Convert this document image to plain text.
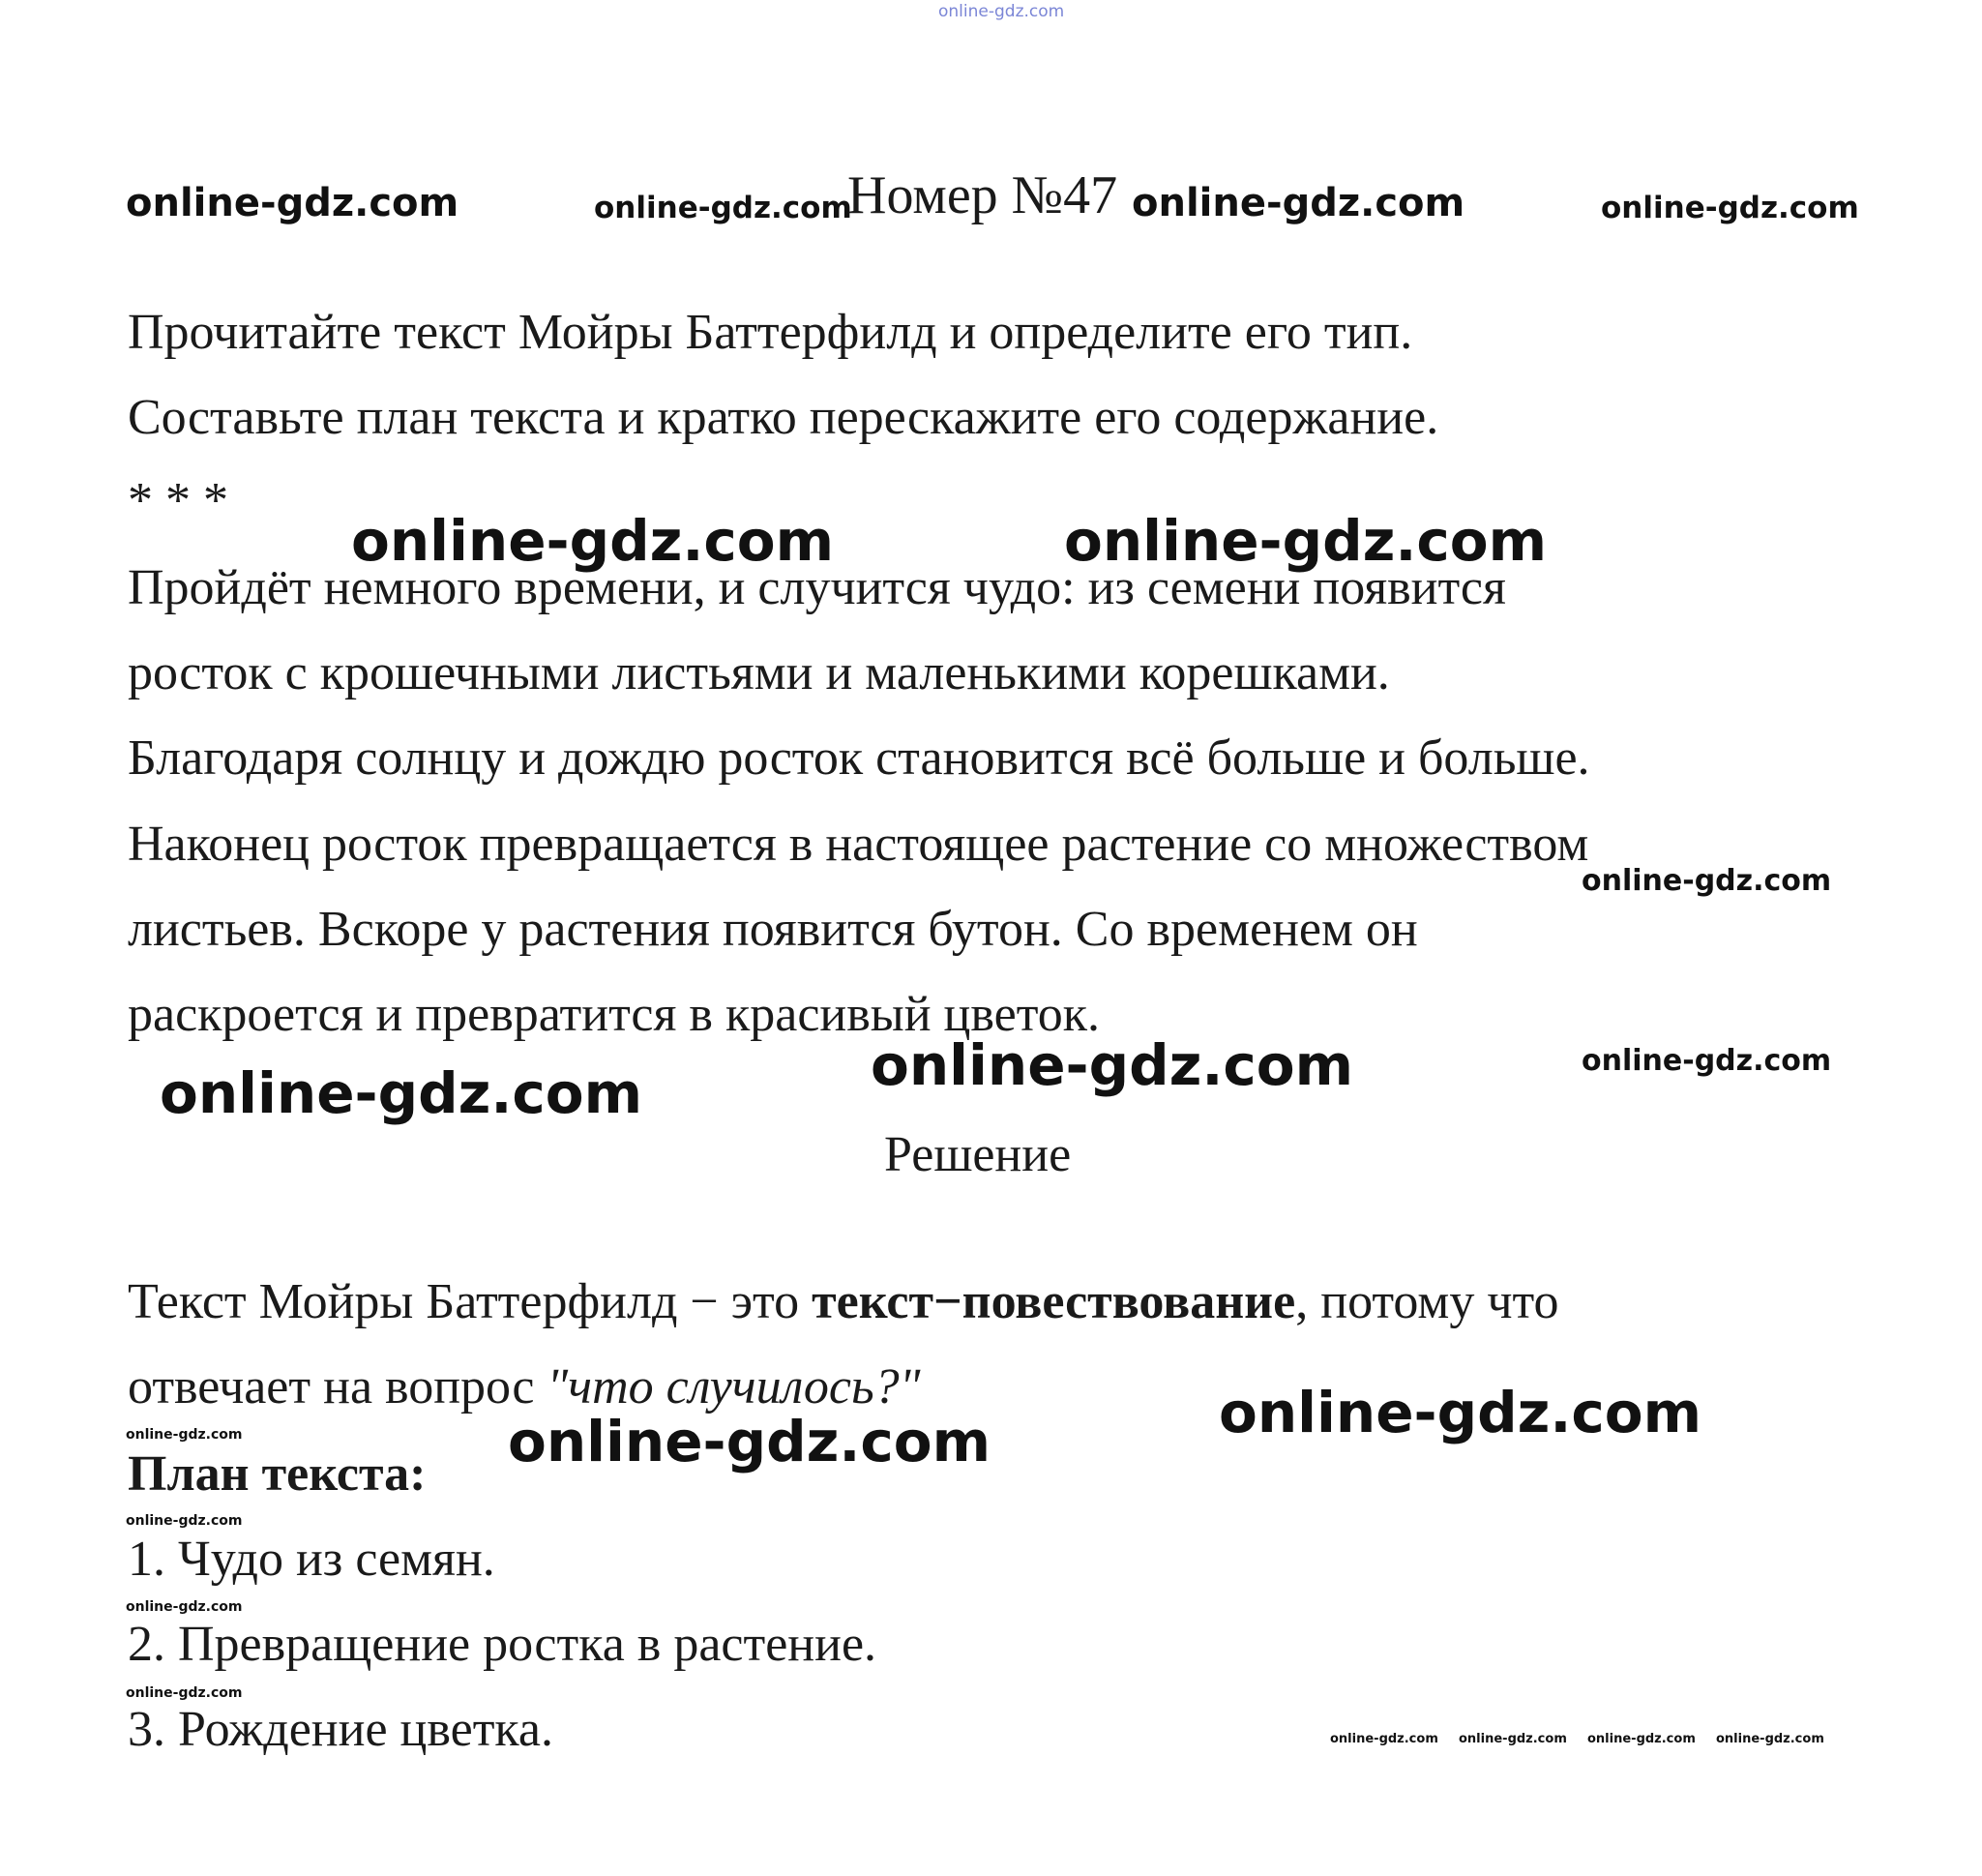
online-gdz.com
online-gdz.com	online-gdz.com	online-gdz.com	online-gdz.com
online-gdz.com	online-gdz.com
online-gdz.com
online-gdz.com
online-gdz.com
online-gdz.com
online-gdz.com
online-gdz.com
online-gdz.com
online-gdz.com
online-gdz.com
online-gdz.com
online-gdz.com online-gdz.com online-gdz.com online-gdz.com
Номер №47
Прочитайте текст Мойры Баттерфилд и определите его тип.
Составьте план текста и кратко перескажите его содержание.
* * *
Пройдёт немного времени, и случится чудо: из семени появится
росток с крошечными листьями и маленькими корешками.
Благодаря солнцу и дождю росток становится всё больше и больше.
Наконец росток превращается в настоящее растение со множеством
листьев. Вскоре у растения появится бутон. Со временем он
раскроется и превратится в красивый цветок.
Решение
Текст Мойры Баттерфилд − это текст−повествование, потому что
отвечает на вопрос "что случилось?"
План текста:
1. Чудо из семян.
2. Превращение ростка в растение.
3. Рождение цветка.
